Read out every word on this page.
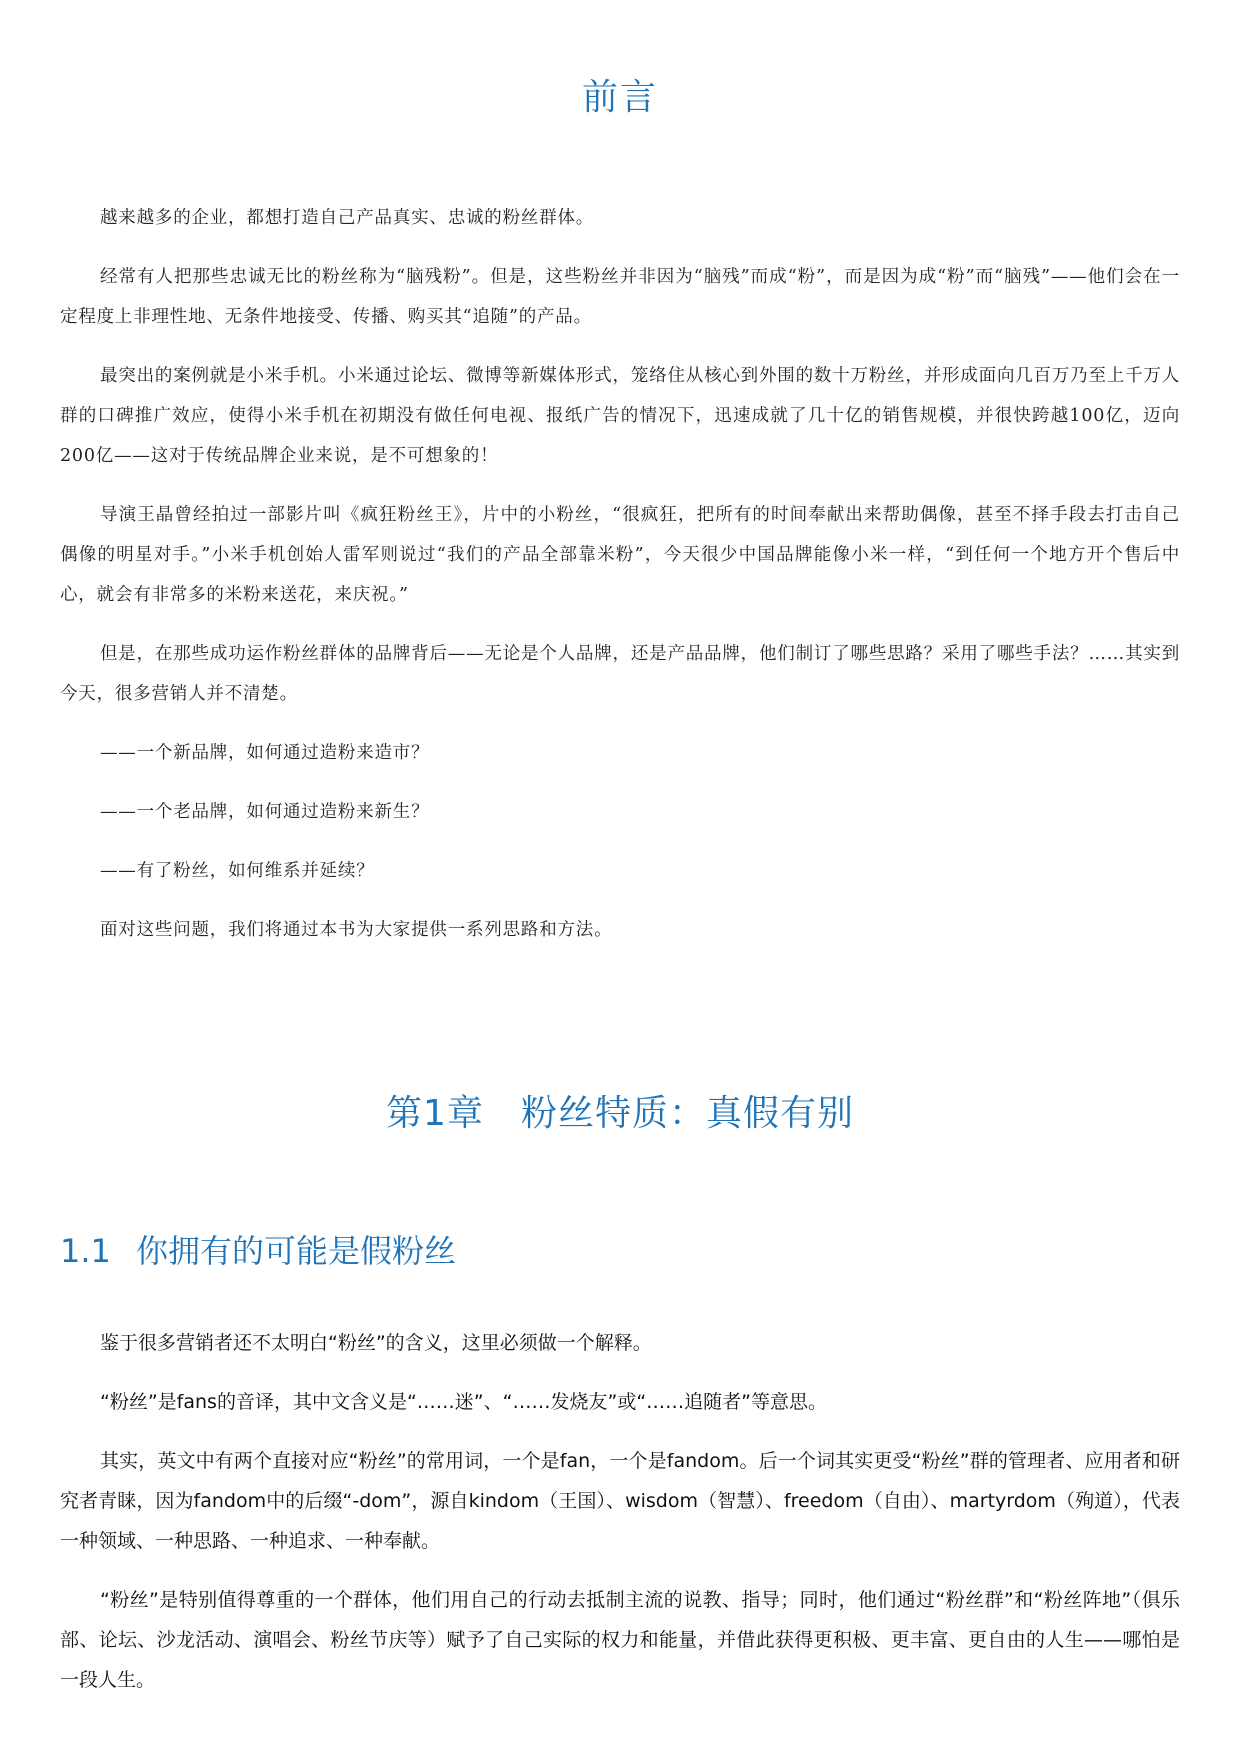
前言

越来越多的企业，都想打造自己产品真实、忠诚的粉丝群体。

经常有人把那些忠诚无比的粉丝称为“脑残粉”。但是，这些粉丝并非因为“脑残”而成“粉”，而是因为成“粉”而“脑残”——他们会在一定程度上非理性地、无条件地接受、传播、购买其“追随”的产品。

最突出的案例就是小米手机。小米通过论坛、微博等新媒体形式，笼络住从核心到外围的数十万粉丝，并形成面向几百万乃至上千万人群的口碑推广效应，使得小米手机在初期没有做任何电视、报纸广告的情况下，迅速成就了几十亿的销售规模，并很快跨越100亿，迈向200亿——这对于传统品牌企业来说，是不可想象的！

导演王晶曾经拍过一部影片叫《疯狂粉丝王》，片中的小粉丝，“很疯狂，把所有的时间奉献出来帮助偶像，甚至不择手段去打击自己偶像的明星对手。”小米手机创始人雷军则说过“我们的产品全部靠米粉”，今天很少中国品牌能像小米一样，“到任何一个地方开个售后中心，就会有非常多的米粉来送花，来庆祝。”

但是，在那些成功运作粉丝群体的品牌背后——无论是个人品牌，还是产品品牌，他们制订了哪些思路？采用了哪些手法？……其实到今天，很多营销人并不清楚。

——一个新品牌，如何通过造粉来造市？

——一个老品牌，如何通过造粉来新生？

——有了粉丝，如何维系并延续？

面对这些问题，我们将通过本书为大家提供一系列思路和方法。

第1章　粉丝特质：真假有别
1.1 你拥有的可能是假粉丝

鉴于很多营销者还不太明白“粉丝”的含义，这里必须做一个解释。

“粉丝”是fans的音译，其中文含义是“……迷”、“……发烧友”或“……追随者”等意思。

其实，英文中有两个直接对应“粉丝”的常用词，一个是fan，一个是fandom。后一个词其实更受“粉丝”群的管理者、应用者和研究者青睐，因为fandom中的后缀“-dom”，源自kindom（王国）、wisdom（智慧）、freedom（自由）、martyrdom（殉道），代表一种领域、一种思路、一种追求、一种奉献。

“粉丝”是特别值得尊重的一个群体，他们用自己的行动去抵制主流的说教、指导；同时，他们通过“粉丝群”和“粉丝阵地”（俱乐部、论坛、沙龙活动、演唱会、粉丝节庆等）赋予了自己实际的权力和能量，并借此获得更积极、更丰富、更自由的人生——哪怕是一段人生。
